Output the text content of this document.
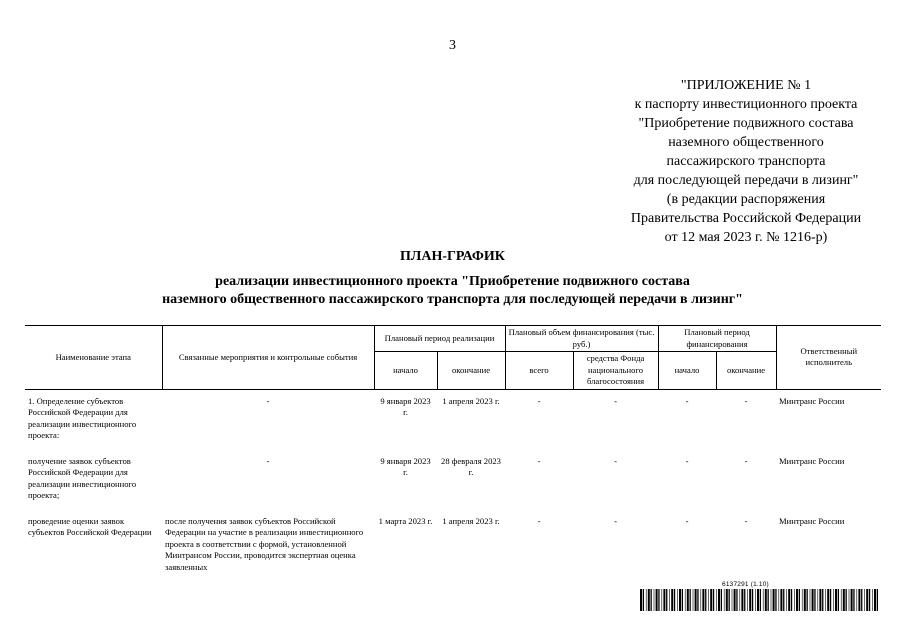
3
"ПРИЛОЖЕНИЕ № 1
к паспорту инвестиционного проекта
"Приобретение подвижного состава
наземного общественного
пассажирского транспорта
для последующей передачи в лизинг"
(в редакции распоряжения
Правительства Российской Федерации
от 12 мая 2023 г. № 1216-р)
ПЛАН-ГРАФИК
реализации инвестиционного проекта "Приобретение подвижного состава
наземного общественного пассажирского транспорта для последующей передачи в лизинг"
Наименование этапа	Связанные мероприятия и контрольные события	Плановый период реализации		Плановый объем финансирования (тыс. руб.)		Плановый период финансирования		Ответственный исполнитель
		начало	окончание	всего	средства Фонда национального благосостояния	начало	окончание	
1. Определение субъектов Российской Федерации для реализации инвестиционного проекта:	-	9 января 2023 г.	1 апреля 2023 г.	-	-	-	-	Минтранс России
получение заявок субъектов Российской Федерации для реализации инвестиционного проекта;	-	9 января 2023 г.	28 февраля 2023 г.	-	-	-	-	Минтранс России
проведение оценки заявок субъектов Российской Федерации	после получения заявок субъектов Российской Федерации на участие в реализации инвестиционного проекта в соответствии с формой, установленной Минтрансом России, проводится экспертная оценка заявленных	1 марта 2023 г.	1 апреля 2023 г.	-	-	-	-	Минтранс России
6137291 (1.10)
